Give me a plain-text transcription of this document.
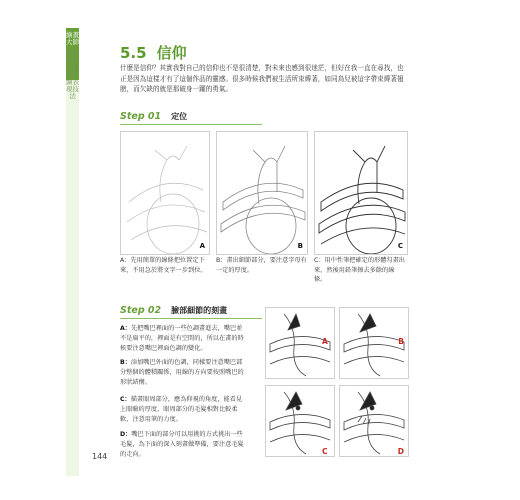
繪畫大師
畫室的日誌素描手繪表現技法
5.5 信仰
什麼是信仰？其實我對自己的信仰也不是很清楚，對未來也感到很迷茫，但好在我一直在尋找，也正是因為這樣才有了這個作品的靈感。很多時候我們被生活所束縛著，如同鳥兒被這字帶束縛著翅膀，而欠缺的就是那破身一躍的勇氣。
Step 01 定位
A
A：先用簡單的線條把位置定下來，不用急於將文字一步到位。
B
B：畫出細節部分，要注意字母有一定的厚度。
C
C：用中性筆把確定的形體勾畫出來，然後用鉛筆擦去多餘的線條。
Step 02 臉部細節的刻畫
A：先把嘴巴裡面的一些色調畫進去，嘴巴並不是扁平的，裡面是有空間的，所以在畫的時候要注意嘴巴裡面色調的變化。
B：添加嘴巴外面的色調，同樣要注意嘴巴部分整個的體積關係，用線的方向要按照嘴巴的形狀結構。
C：描畫眼周部分，應為仰視的角度，能看見上眼瞼的厚度，眼周部分的毛髮相對比較柔軟，注意用筆的力度。
D：嘴巴下面的部分可以用挑的方式挑出一些毛髮，為下面的深入刻畫做準備，要注意毛髮的走向。
A	B
C	D
144
